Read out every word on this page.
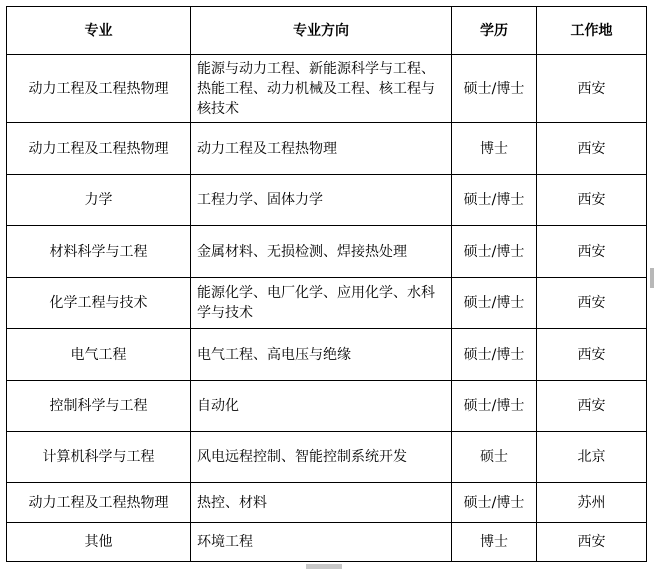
专业	专业方向	学历	工作地
动力工程及工程热物理	能源与动力工程、新能源科学与工程、热能工程、动力机械及工程、核工程与核技术	硕士/博士	西安
动力工程及工程热物理	动力工程及工程热物理	博士	西安
力学	工程力学、固体力学	硕士/博士	西安
材料科学与工程	金属材料、无损检测、焊接热处理	硕士/博士	西安
化学工程与技术	能源化学、电厂化学、应用化学、水科学与技术	硕士/博士	西安
电气工程	电气工程、高电压与绝缘	硕士/博士	西安
控制科学与工程	自动化	硕士/博士	西安
计算机科学与工程	风电远程控制、智能控制系统开发	硕士	北京
动力工程及工程热物理	热控、材料	硕士/博士	苏州
其他	环境工程	博士	西安
